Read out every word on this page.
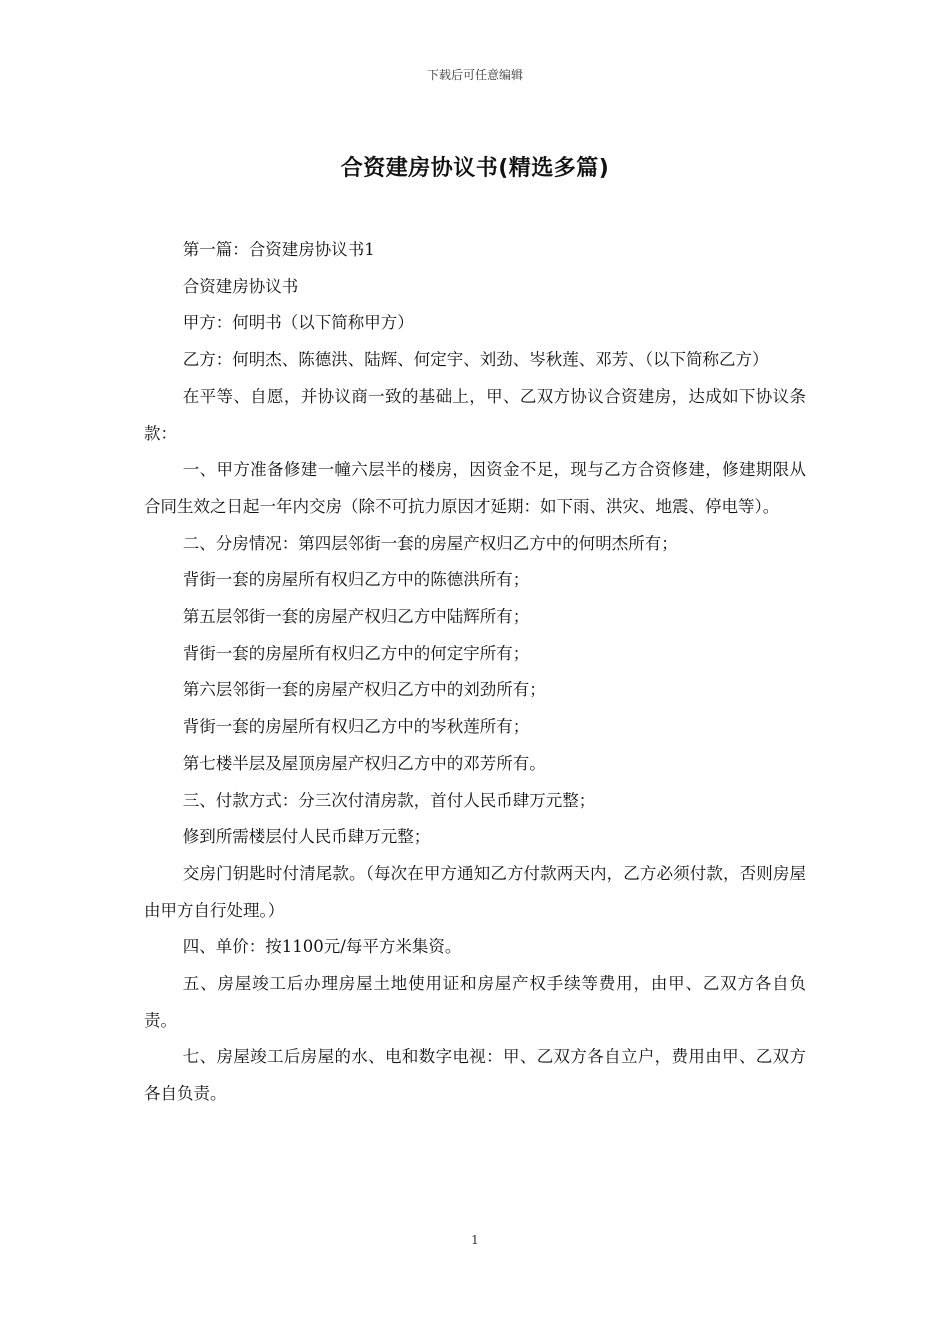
下载后可任意编辑
合资建房协议书(精选多篇)

第一篇：合资建房协议书1

合资建房协议书

甲方：何明书（以下简称甲方）

乙方：何明杰、陈德洪、陆辉、何定宇、刘劲、岑秋莲、邓芳、（以下简称乙方）

在平等、自愿，并协议商一致的基础上，甲、乙双方协议合资建房，达成如下协议条款：

一、甲方准备修建一幢六层半的楼房，因资金不足，现与乙方合资修建，修建期限从合同生效之日起一年内交房（除不可抗力原因才延期：如下雨、洪灾、地震、停电等）。

二、分房情况：第四层邻街一套的房屋产权归乙方中的何明杰所有；

背街一套的房屋所有权归乙方中的陈德洪所有；

第五层邻街一套的房屋产权归乙方中陆辉所有；

背街一套的房屋所有权归乙方中的何定宇所有；

第六层邻街一套的房屋产权归乙方中的刘劲所有；

背街一套的房屋所有权归乙方中的岑秋莲所有；

第七楼半层及屋顶房屋产权归乙方中的邓芳所有。

三、付款方式：分三次付清房款，首付人民币肆万元整；

修到所需楼层付人民币肆万元整；

交房门钥匙时付清尾款。（每次在甲方通知乙方付款两天内，乙方必须付款，否则房屋由甲方自行处理。）

四、单价：按1100元/每平方米集资。

五、房屋竣工后办理房屋土地使用证和房屋产权手续等费用，由甲、乙双方各自负责。

七、房屋竣工后房屋的水、电和数字电视：甲、乙双方各自立户，费用由甲、乙双方各自负责。

1
